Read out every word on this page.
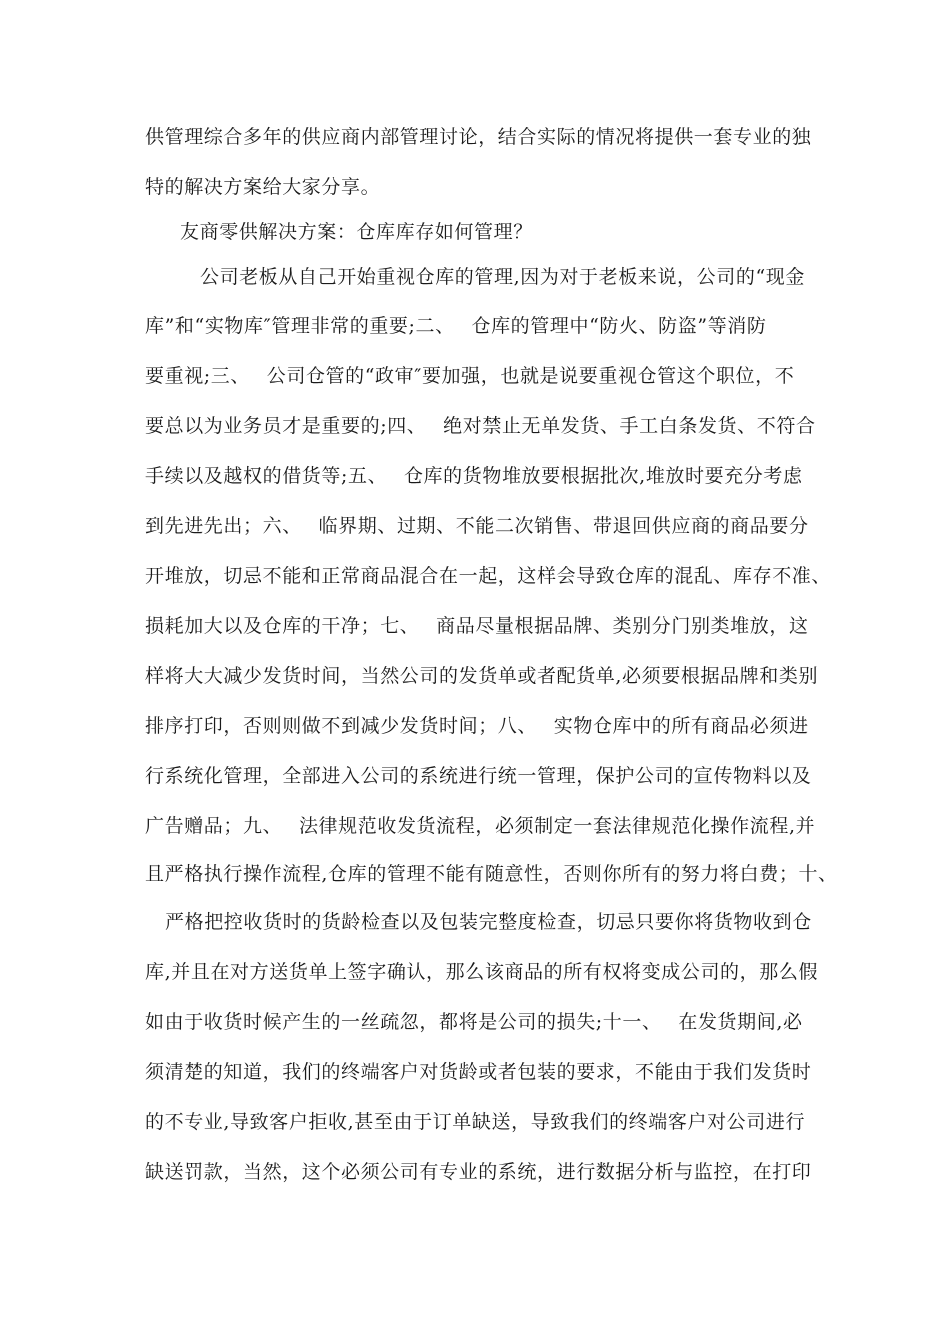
供管理综合多年的供应商内部管理讨论，结合实际的情况将提供一套专业的独
特的解决方案给大家分享。
友商零供解决方案：仓库库存如何管理？
公司老板从自己开始重视仓库的管理,因为对于老板来说，公司的“现金
库”和“实物库″管理非常的重要;二、　 仓库的管理中“防火、防盗”等消防
要重视;三、　 公司仓管的“政审″要加强，也就是说要重视仓管这个职位，不
要总以为业务员才是重要的;四、　 绝对禁止无单发货、手工白条发货、不符合
手续以及越权的借货等;五、　 仓库的货物堆放要根据批次,堆放时要充分考虑
到先进先出；六、　 临界期、过期、不能二次销售、带退回供应商的商品要分
开堆放，切忌不能和正常商品混合在一起，这样会导致仓库的混乱、库存不准、
损耗加大以及仓库的干净；七、　 商品尽量根据品牌、类别分门别类堆放，这
样将大大减少发货时间，当然公司的发货单或者配货单,必须要根据品牌和类别
排序打印，否则则做不到减少发货时间；八、　 实物仓库中的所有商品必须进
行系统化管理，全部进入公司的系统进行统一管理，保护公司的宣传物料以及
广告赠品；九、　 法律规范收发货流程，必须制定一套法律规范化操作流程,并
且严格执行操作流程,仓库的管理不能有随意性，否则你所有的努力将白费；十、
严格把控收货时的货龄检查以及包装完整度检查，切忌只要你将货物收到仓
库,并且在对方送货单上签字确认，那么该商品的所有权将变成公司的，那么假
如由于收货时候产生的一丝疏忽，都将是公司的损失;十一、　 在发货期间,必
须清楚的知道，我们的终端客户对货龄或者包装的要求，不能由于我们发货时
的不专业,导致客户拒收,甚至由于订单缺送，导致我们的终端客户对公司进行
缺送罚款，当然，这个必须公司有专业的系统，进行数据分析与监控，在打印
